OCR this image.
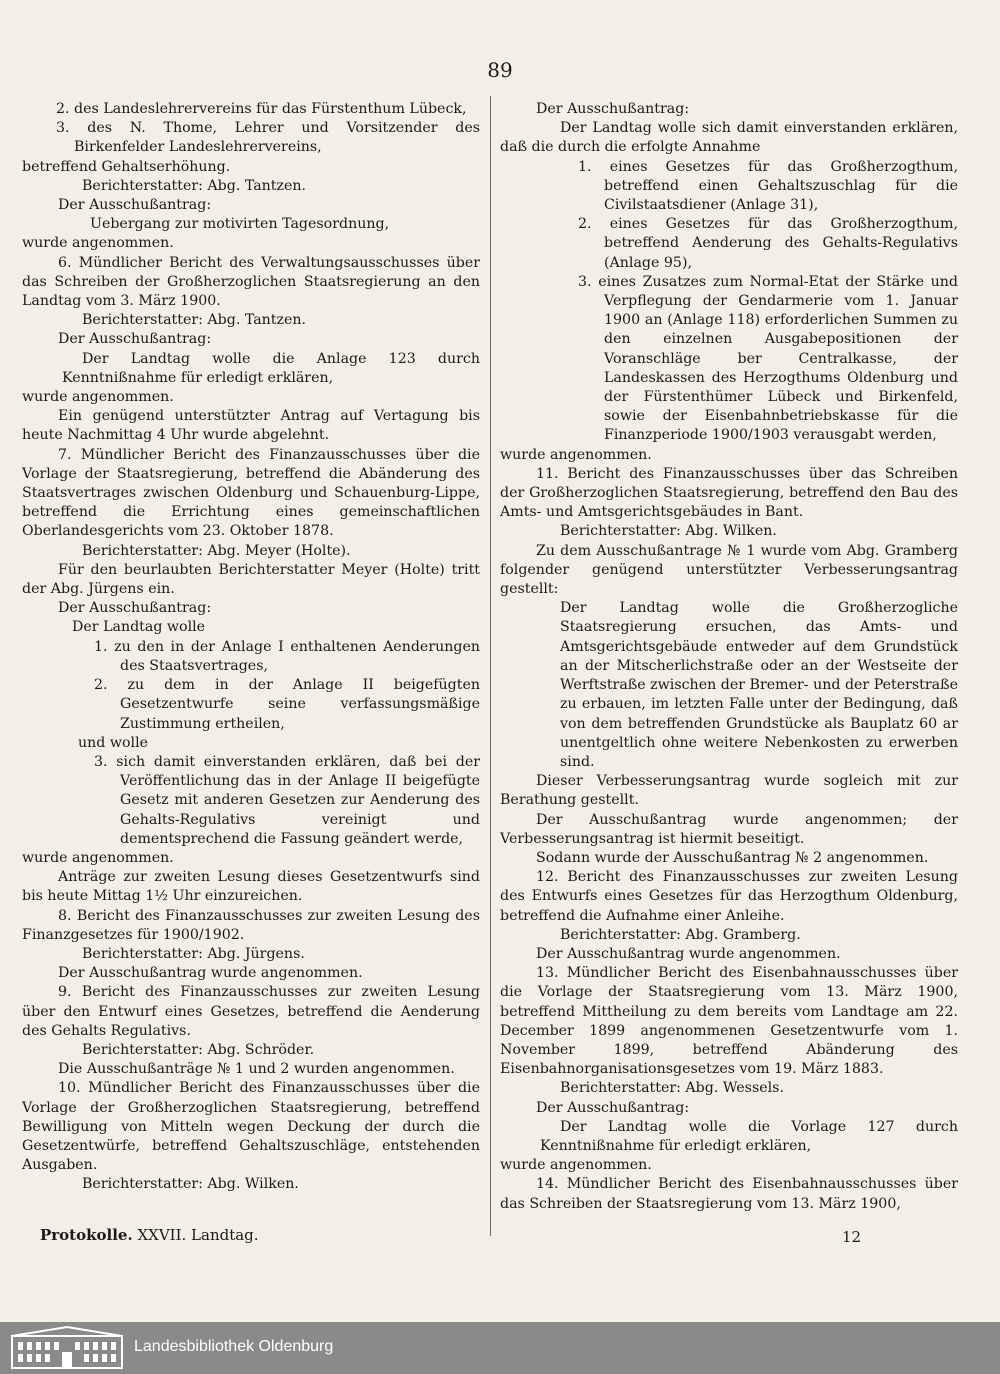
89

2. des Landeslehrervereins für das Fürstenthum Lübeck,

3. des N. Thome, Lehrer und Vorsitzender des Birkenfelder Landeslehrervereins,

betreffend Gehaltserhöhung.

Berichterstatter: Abg. Tantzen.

Der Ausschußantrag:

Uebergang zur motivirten Tagesordnung,

wurde angenommen.

6. Mündlicher Bericht des Verwaltungsausschusses über das Schreiben der Großherzoglichen Staatsregierung an den Landtag vom 3. März 1900.

Berichterstatter: Abg. Tantzen.

Der Ausschußantrag:

Der Landtag wolle die Anlage 123 durch Kenntnißnahme für erledigt erklären,

wurde angenommen.

Ein genügend unterstützter Antrag auf Vertagung bis heute Nachmittag 4 Uhr wurde abgelehnt.

7. Mündlicher Bericht des Finanzausschusses über die Vorlage der Staatsregierung, betreffend die Abänderung des Staatsvertrages zwischen Oldenburg und Schauenburg-Lippe, betreffend die Errichtung eines gemeinschaftlichen Oberlandesgerichts vom 23. Oktober 1878.

Berichterstatter: Abg. Meyer (Holte).

Für den beurlaubten Berichterstatter Meyer (Holte) tritt der Abg. Jürgens ein.

Der Ausschußantrag:

Der Landtag wolle

1. zu den in der Anlage I enthaltenen Aenderungen des Staatsvertrages,

2. zu dem in der Anlage II beigefügten Gesetzentwurfe seine verfassungsmäßige Zustimmung ertheilen,

und wolle

3. sich damit einverstanden erklären, daß bei der Veröffentlichung das in der Anlage II beigefügte Gesetz mit anderen Gesetzen zur Aenderung des Gehalts-Regulativs vereinigt und dementsprechend die Fassung geändert werde,

wurde angenommen.

Anträge zur zweiten Lesung dieses Gesetzentwurfs sind bis heute Mittag 1½ Uhr einzureichen.

8. Bericht des Finanzausschusses zur zweiten Lesung des Finanzgesetzes für 1900/1902.

Berichterstatter: Abg. Jürgens.

Der Ausschußantrag wurde angenommen.

9. Bericht des Finanzausschusses zur zweiten Lesung über den Entwurf eines Gesetzes, betreffend die Aenderung des Gehalts Regulativs.

Berichterstatter: Abg. Schröder.

Die Ausschußanträge № 1 und 2 wurden angenommen.

10. Mündlicher Bericht des Finanzausschusses über die Vorlage der Großherzoglichen Staatsregierung, betreffend Bewilligung von Mitteln wegen Deckung der durch die Gesetzentwürfe, betreffend Gehaltszuschläge, entstehenden Ausgaben.

Berichterstatter: Abg. Wilken.

Der Ausschußantrag:

Der Landtag wolle sich damit einverstanden erklären, daß die durch die erfolgte Annahme

1. eines Gesetzes für das Großherzogthum, betreffend einen Gehaltszuschlag für die Civilstaatsdiener (Anlage 31),

2. eines Gesetzes für das Großherzogthum, betreffend Aenderung des Gehalts-Regulativs (Anlage 95),

3. eines Zusatzes zum Normal-Etat der Stärke und Verpflegung der Gendarmerie vom 1. Januar 1900 an (Anlage 118) erforderlichen Summen zu den einzelnen Ausgabepositionen der Voranschläge ber Centralkasse, der Landeskassen des Herzogthums Oldenburg und der Fürstenthümer Lübeck und Birkenfeld, sowie der Eisenbahnbetriebskasse für die Finanzperiode 1900/1903 verausgabt werden,

wurde angenommen.

11. Bericht des Finanzausschusses über das Schreiben der Großherzoglichen Staatsregierung, betreffend den Bau des Amts- und Amtsgerichtsgebäudes in Bant.

Berichterstatter: Abg. Wilken.

Zu dem Ausschußantrage № 1 wurde vom Abg. Gramberg folgender genügend unterstützter Verbesserungsantrag gestellt:

Der Landtag wolle die Großherzogliche Staatsregierung ersuchen, das Amts- und Amtsgerichtsgebäude entweder auf dem Grundstück an der Mitscherlichstraße oder an der Westseite der Werftstraße zwischen der Bremer- und der Peterstraße zu erbauen, im letzten Falle unter der Bedingung, daß von dem betreffenden Grundstücke als Bauplatz 60 ar unentgeltlich ohne weitere Nebenkosten zu erwerben sind.

Dieser Verbesserungsantrag wurde sogleich mit zur Berathung gestellt.

Der Ausschußantrag wurde angenommen; der Verbesserungsantrag ist hiermit beseitigt.

Sodann wurde der Ausschußantrag № 2 angenommen.

12. Bericht des Finanzausschusses zur zweiten Lesung des Entwurfs eines Gesetzes für das Herzogthum Oldenburg, betreffend die Aufnahme einer Anleihe.

Berichterstatter: Abg. Gramberg.

Der Ausschußantrag wurde angenommen.

13. Mündlicher Bericht des Eisenbahnausschusses über die Vorlage der Staatsregierung vom 13. März 1900, betreffend Mittheilung zu dem bereits vom Landtage am 22. December 1899 angenommenen Gesetzentwurfe vom 1. November 1899, betreffend Abänderung des Eisenbahnorganisationsgesetzes vom 19. März 1883.

Berichterstatter: Abg. Wessels.

Der Ausschußantrag:

Der Landtag wolle die Vorlage 127 durch Kenntnißnahme für erledigt erklären,

wurde angenommen.

14. Mündlicher Bericht des Eisenbahnausschusses über das Schreiben der Staatsregierung vom 13. März 1900,

Protokolle. XXVII. Landtag.	12
Landesbibliothek Oldenburg
